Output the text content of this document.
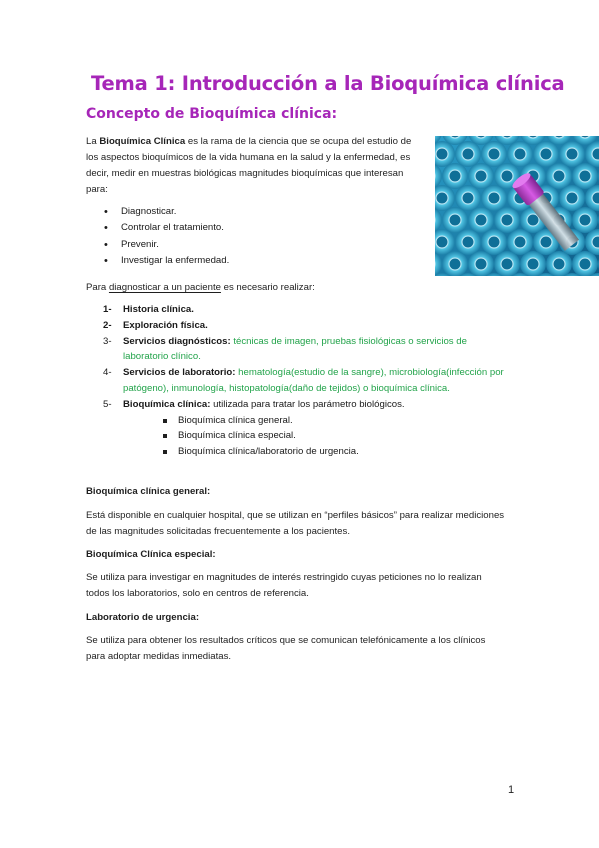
Tema 1: Introducción a la Bioquímica clínica
Concepto de Bioquímica clínica:

La Bioquímica Clínica es la rama de la ciencia que se ocupa del estudio de los aspectos bioquímicos de la vida humana en la salud y la enfermedad, es decir, medir en muestras biológicas magnitudes bioquímicas que interesan para:

• Diagnosticar.
• Controlar el tratamiento.
• Prevenir.
• Investigar la enfermedad.

Para diagnosticar a un paciente es necesario realizar:

1- Historia clínica.
2- Exploración física.
3- Servicios diagnósticos: técnicas de imagen, pruebas fisiológicas o servicios de laboratorio clínico.
4- Servicios de laboratorio: hematología(estudio de la sangre), microbiología(infección por patógeno), inmunología, histopatología(daño de tejidos) o bioquímica clínica.
5- Bioquímica clínica: utilizada para tratar los parámetro biológicos.
Bioquímica clínica general.
Bioquímica clínica especial.
Bioquímica clínica/laboratorio de urgencia.

Bioquímica clínica general:

Está disponible en cualquier hospital, que se utilizan en “perfiles básicos” para realizar mediciones de las magnitudes solicitadas frecuentemente a los pacientes.

Bioquímica Clínica especial:

Se utiliza para investigar en magnitudes de interés restringido cuyas peticiones no lo realizan todos los laboratorios, solo en centros de referencia.

Laboratorio de urgencia:

Se utiliza para obtener los resultados críticos que se comunican telefónicamente a los clínicos para adoptar medidas inmediatas.

1
